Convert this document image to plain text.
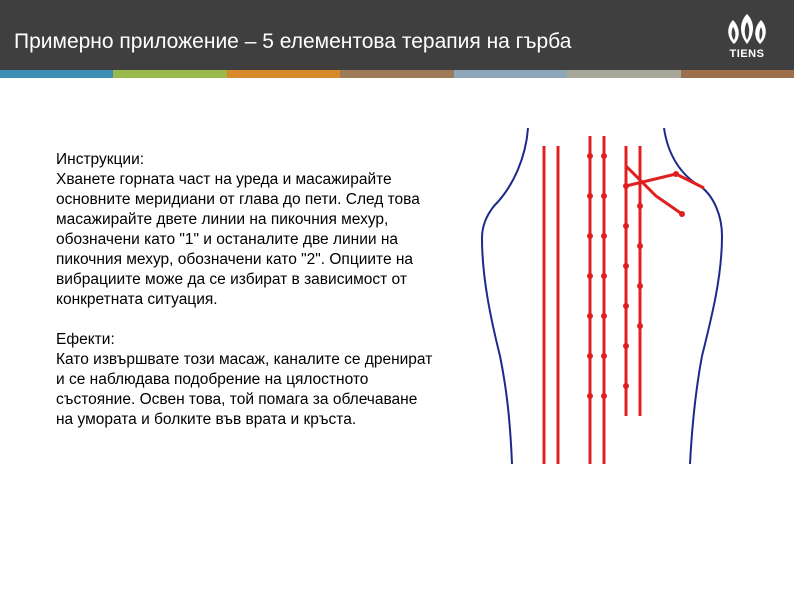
Примерно приложение – 5 елементова терапия на гърба
TIENS

Инструкции:
Хванете горната част на уреда и масажирайте основните меридиани от глава до пети. След това масажирайте двете линии на пикочния мехур, обозначени като "1" и останалите две линии на пикочния мехур, обозначени като "2". Опциите на вибрациите може да се избират в зависимост от конкретната ситуация.

Ефекти:
Като извършвате този масаж, каналите се дренират и се наблюдава подобрение на цялостното състояние. Освен това, той помага за облечаване на умората и болките във врата и кръста.
